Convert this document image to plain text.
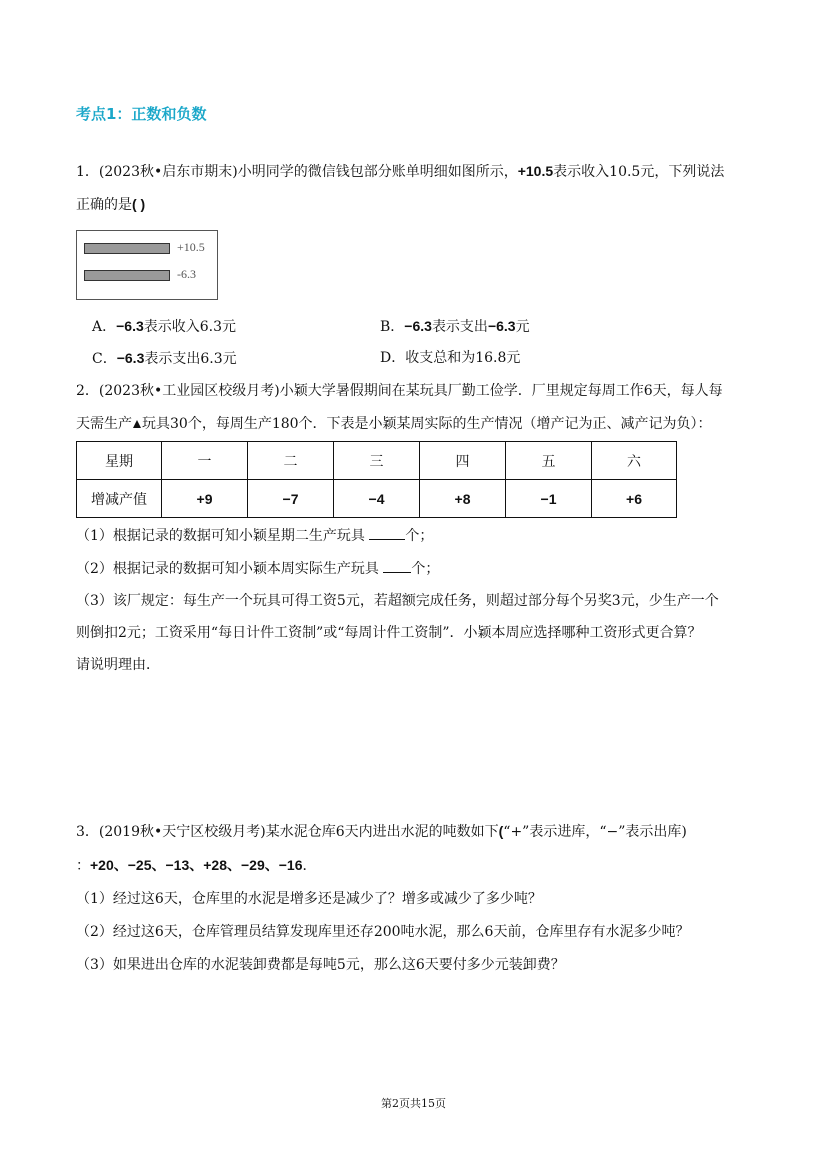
考点1：正数和负数
1．(2023秋•启东市期末)小明同学的微信钱包部分账单明细如图所示，+10.5表示收入10.5元，下列说法
正确的是( )
+10.5
-6.3
A．−6.3表示收入6.3元	B．−6.3表示支出−6.3元
C．−6.3表示支出6.3元	D．收支总和为16.8元
2．(2023秋•工业园区校级月考)小颖大学暑假期间在某玩具厂勤工俭学．厂里规定每周工作6天，每人每
天需生产 玩具30个，每周生产180个．下表是小颖某周实际的生产情况（增产记为正、减产记为负）：
星期	一	二	三	四	五	六
增减产值	+9	−7	−4	+8	−1	+6
（1）根据记录的数据可知小颖星期二生产玩具	个；
（2）根据记录的数据可知小颖本周实际生产玩具 个；
（3）该厂规定：每生产一个玩具可得工资5元，若超额完成任务，则超过部分每个另奖3元，少生产一个
则倒扣2元；工资采用“每日计件工资制”或“每周计件工资制”．小颖本周应选择哪种工资形式更合算？
请说明理由．
3．(2019秋•天宁区校级月考)某水泥仓库6天内进出水泥的吨数如下(“+”表示进库，“−”表示出库)
：+20、−25、−13、+28、−29、−16．
（1）经过这6天，仓库里的水泥是增多还是减少了？增多或减少了多少吨？
（2）经过这6天，仓库管理员结算发现库里还存200吨水泥，那么6天前，仓库里存有水泥多少吨？
（3）如果进出仓库的水泥装卸费都是每吨5元，那么这6天要付多少元装卸费？
第2页共15页
